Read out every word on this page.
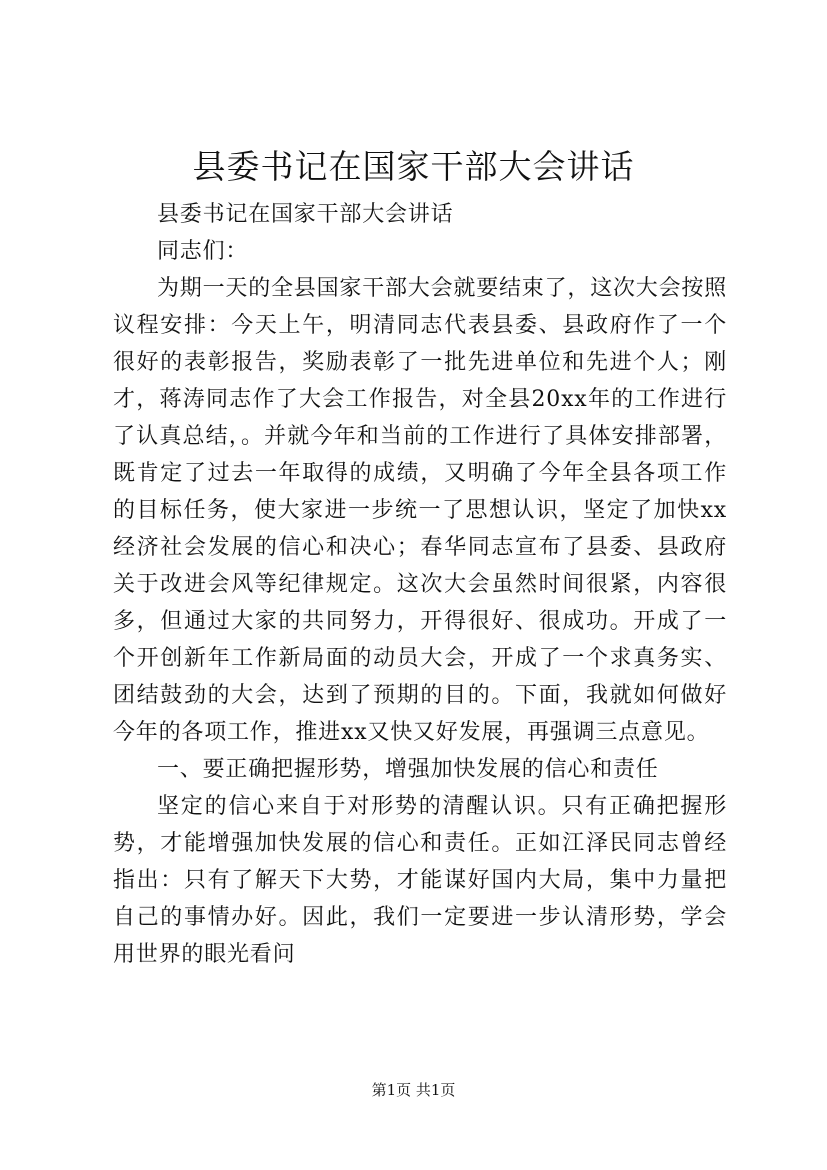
县委书记在国家干部大会讲话

县委书记在国家干部大会讲话

同志们：

为期一天的全县国家干部大会就要结束了，这次大会按照议程安排：今天上午，明清同志代表县委、县政府作了一个很好的表彰报告，奖励表彰了一批先进单位和先进个人；刚才，蒋涛同志作了大会工作报告，对全县20xx年的工作进行了认真总结，。并就今年和当前的工作进行了具体安排部署，既肯定了过去一年取得的成绩，又明确了今年全县各项工作的目标任务，使大家进一步统一了思想认识，坚定了加快xx经济社会发展的信心和决心；春华同志宣布了县委、县政府关于改进会风等纪律规定。这次大会虽然时间很紧，内容很多，但通过大家的共同努力，开得很好、很成功。开成了一个开创新年工作新局面的动员大会，开成了一个求真务实、团结鼓劲的大会，达到了预期的目的。下面，我就如何做好今年的各项工作，推进xx又快又好发展，再强调三点意见。

一、要正确把握形势，增强加快发展的信心和责任

坚定的信心来自于对形势的清醒认识。只有正确把握形势，才能增强加快发展的信心和责任。正如江泽民同志曾经指出：只有了解天下大势，才能谋好国内大局，集中力量把自己的事情办好。因此，我们一定要进一步认清形势，学会用世界的眼光看问

第1页 共1页
